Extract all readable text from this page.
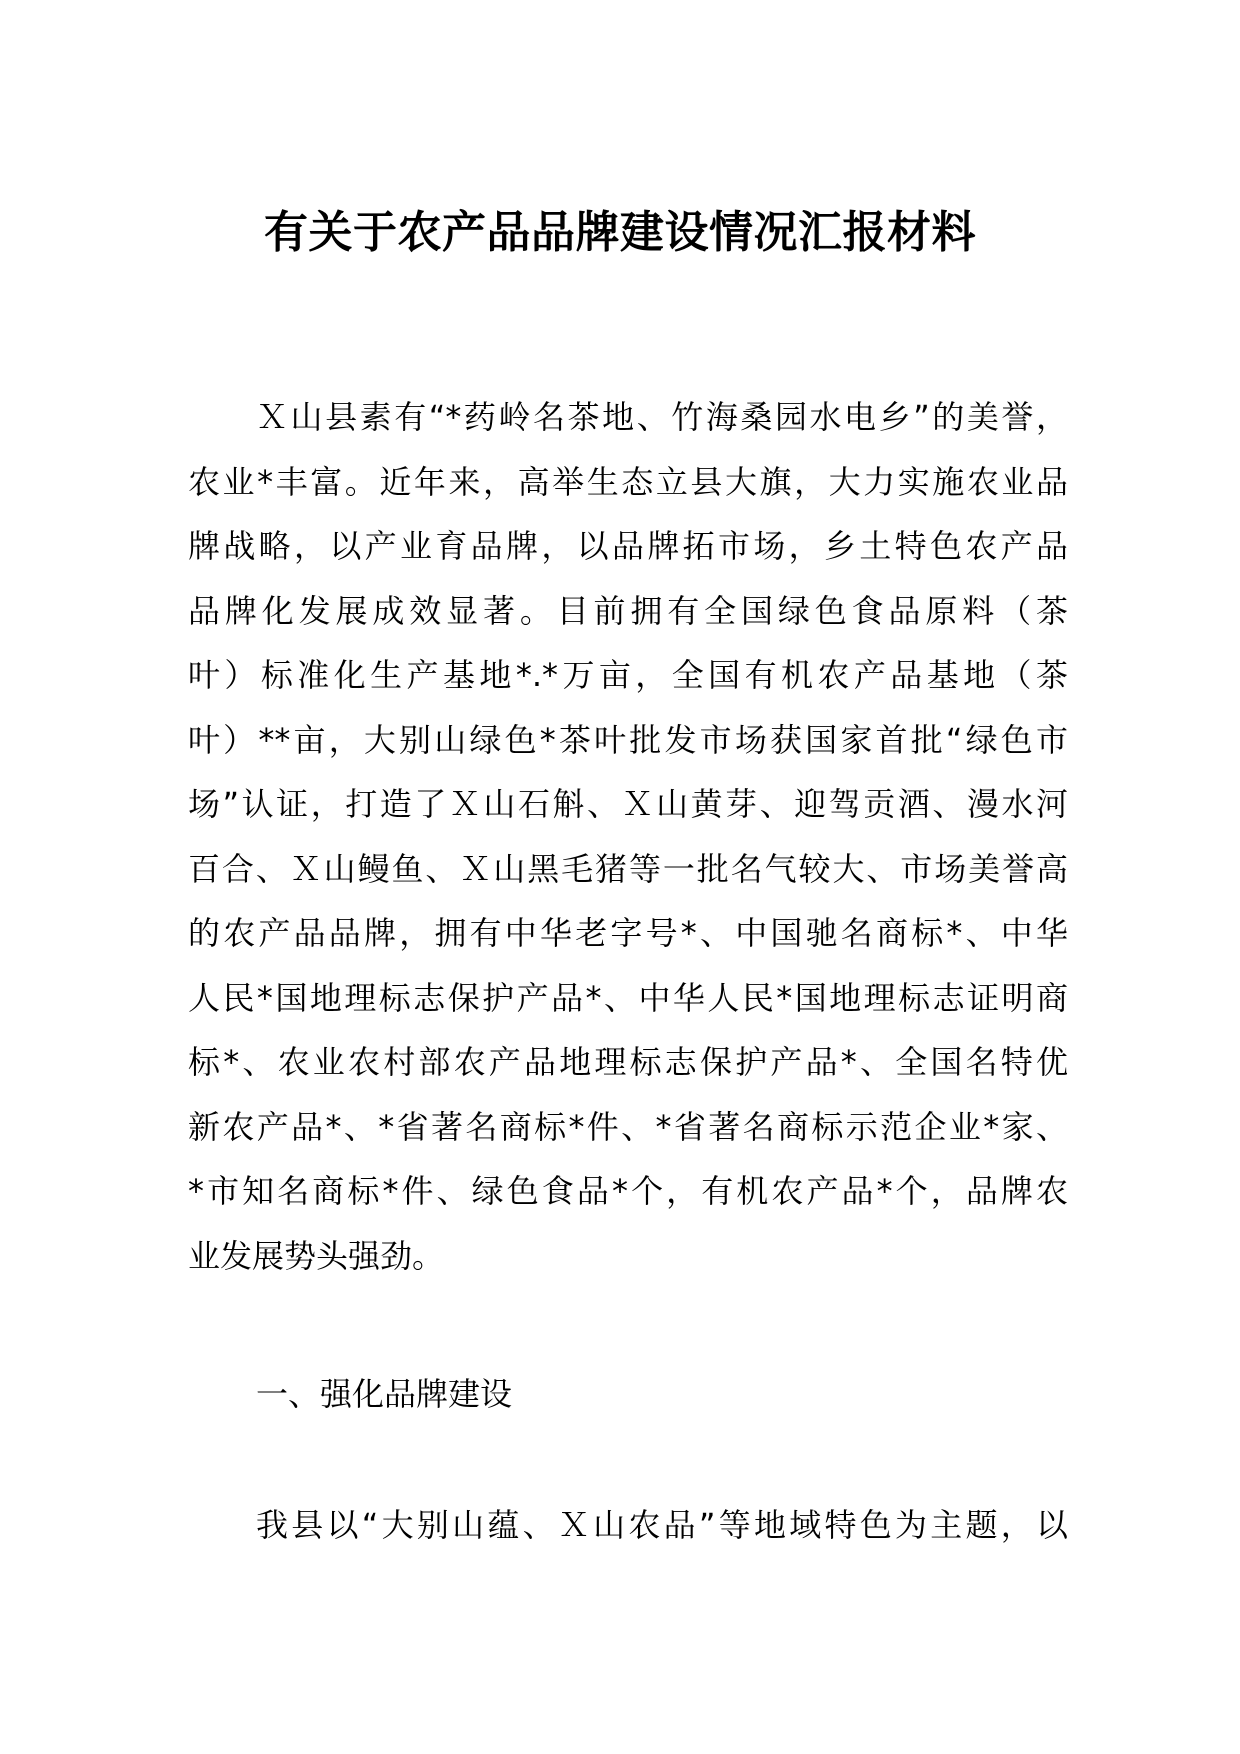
有关于农产品品牌建设情况汇报材料
Ｘ山县素有“*药岭名茶地、竹海桑园水电乡”的美誉，
农业*丰富。近年来，高举生态立县大旗，大力实施农业品
牌战略，以产业育品牌，以品牌拓市场，乡土特色农产品
品牌化发展成效显著。目前拥有全国绿色食品原料（茶
叶）标准化生产基地*.*万亩，全国有机农产品基地（茶
叶）**亩，大别山绿色*茶叶批发市场获国家首批“绿色市
场”认证，打造了Ｘ山石斛、Ｘ山黄芽、迎驾贡酒、漫水河
百合、Ｘ山鳗鱼、Ｘ山黑毛猪等一批名气较大、市场美誉高
的农产品品牌，拥有中华老字号*、中国驰名商标*、中华
人民*国地理标志保护产品*、中华人民*国地理标志证明商
标*、农业农村部农产品地理标志保护产品*、全国名特优
新农产品*、*省著名商标*件、*省著名商标示范企业*家、
*市知名商标*件、绿色食品*个，有机农产品*个，品牌农
业发展势头强劲。
一、强化品牌建设
我县以“大别山蕴、Ｘ山农品”等地域特色为主题，以
